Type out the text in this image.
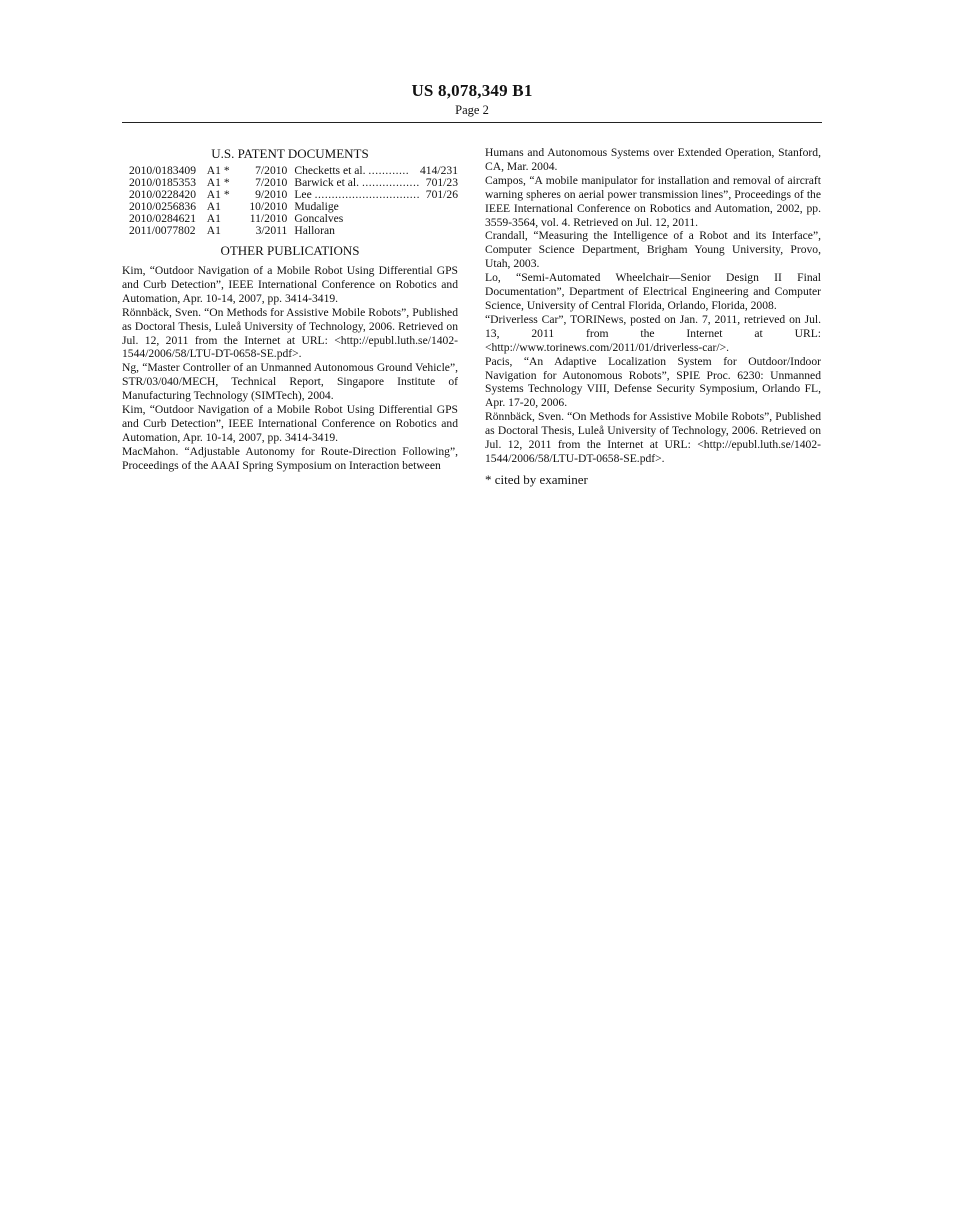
US 8,078,349 B1
Page 2
U.S. PATENT DOCUMENTS
2010/0183409	A1 *	7/2010	Checketts et al. ............	414/231
2010/0185353	A1 *	7/2010	Barwick et al. .................	701/23
2010/0228420	A1 *	9/2010	Lee ...............................	701/26
2010/0256836	A1	10/2010	Mudalige	
2010/0284621	A1	11/2010	Goncalves	
2011/0077802	A1	3/2011	Halloran	
OTHER PUBLICATIONS

Kim, “Outdoor Navigation of a Mobile Robot Using Differential GPS and Curb Detection”, IEEE International Conference on Robotics and Automation, Apr. 10-14, 2007, pp. 3414-3419.

Rönnbäck, Sven. “On Methods for Assistive Mobile Robots”, Published as Doctoral Thesis, Luleå University of Technology, 2006. Retrieved on Jul. 12, 2011 from the Internet at URL: <http://epubl.luth.se/1402-1544/2006/58/LTU-DT-0658-SE.pdf>.

Ng, “Master Controller of an Unmanned Autonomous Ground Vehicle”, STR/03/040/MECH, Technical Report, Singapore Institute of Manufacturing Technology (SIMTech), 2004.

Kim, “Outdoor Navigation of a Mobile Robot Using Differential GPS and Curb Detection”, IEEE International Conference on Robotics and Automation, Apr. 10-14, 2007, pp. 3414-3419.

MacMahon. “Adjustable Autonomy for Route-Direction Following”, Proceedings of the AAAI Spring Symposium on Interaction between

Humans and Autonomous Systems over Extended Operation, Stanford, CA, Mar. 2004.

Campos, “A mobile manipulator for installation and removal of aircraft warning spheres on aerial power transmission lines”, Proceedings of the IEEE International Conference on Robotics and Automation, 2002, pp. 3559-3564, vol. 4. Retrieved on Jul. 12, 2011.

Crandall, “Measuring the Intelligence of a Robot and its Interface”, Computer Science Department, Brigham Young University, Provo, Utah, 2003.

Lo, “Semi-Automated Wheelchair—Senior Design II Final Documentation”, Department of Electrical Engineering and Computer Science, University of Central Florida, Orlando, Florida, 2008.

“Driverless Car”, TORINews, posted on Jan. 7, 2011, retrieved on Jul. 13, 2011 from the Internet at URL: <http://www.torinews.com/2011/01/driverless-car/>.

Pacis, “An Adaptive Localization System for Outdoor/Indoor Navigation for Autonomous Robots”, SPIE Proc. 6230: Unmanned Systems Technology VIII, Defense Security Symposium, Orlando FL, Apr. 17-20, 2006.

Rönnbäck, Sven. “On Methods for Assistive Mobile Robots”, Published as Doctoral Thesis, Luleå University of Technology, 2006. Retrieved on Jul. 12, 2011 from the Internet at URL: <http://epubl.luth.se/1402-1544/2006/58/LTU-DT-0658-SE.pdf>.

* cited by examiner
